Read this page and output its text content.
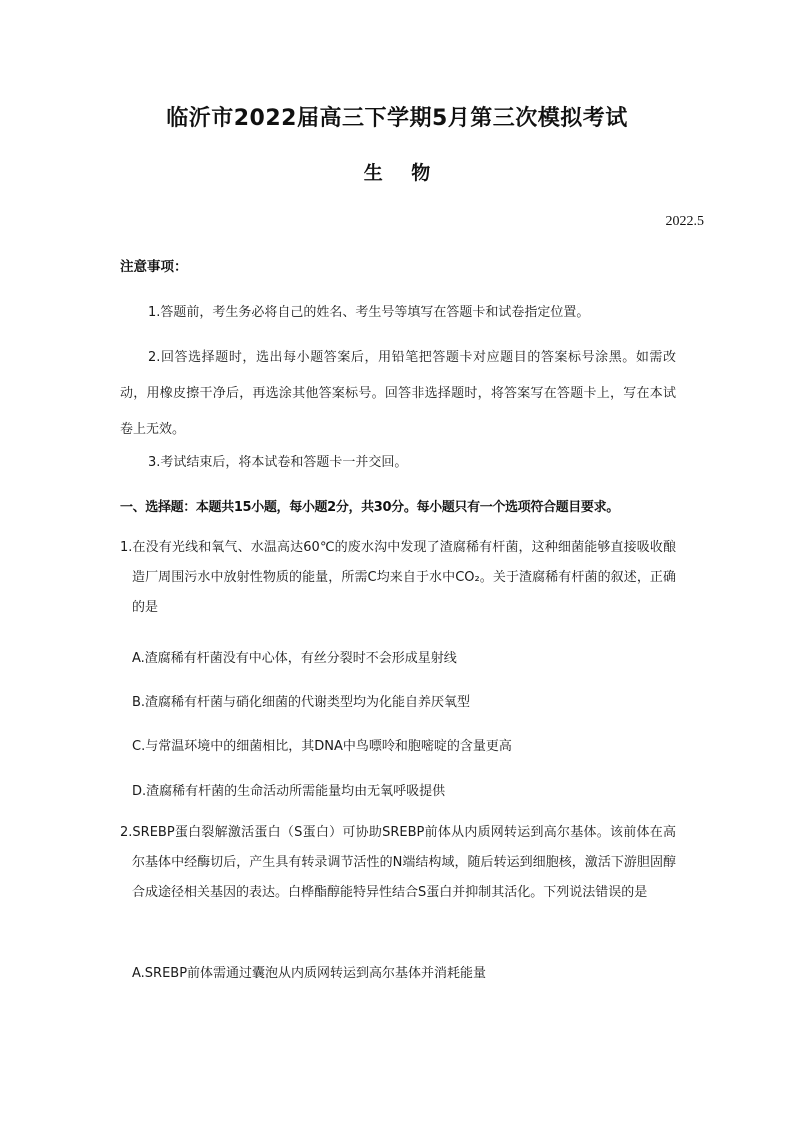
临沂市2022届高三下学期5月第三次模拟考试
生 物
2022.5
注意事项：

1.答题前，考生务必将自己的姓名、考生号等填写在答题卡和试卷指定位置。

2.回答选择题时，选出每小题答案后，用铅笔把答题卡对应题目的答案标号涂黑。如需改动，用橡皮擦干净后，再选涂其他答案标号。回答非选择题时，将答案写在答题卡上，写在本试卷上无效。

3.考试结束后，将本试卷和答题卡一并交回。

一、选择题：本题共15小题，每小题2分，共30分。每小题只有一个选项符合题目要求。

1.在没有光线和氧气、水温高达60℃的废水沟中发现了渣腐稀有杆菌，这种细菌能够直接吸收酿造厂周围污水中放射性物质的能量，所需C均来自于水中CO₂。关于渣腐稀有杆菌的叙述，正确的是

A.渣腐稀有杆菌没有中心体，有丝分裂时不会形成星射线

B.渣腐稀有杆菌与硝化细菌的代谢类型均为化能自养厌氧型

C.与常温环境中的细菌相比，其DNA中鸟嘌呤和胞嘧啶的含量更高

D.渣腐稀有杆菌的生命活动所需能量均由无氧呼吸提供

2.SREBP蛋白裂解激活蛋白（S蛋白）可协助SREBP前体从内质网转运到高尔基体。该前体在高尔基体中经酶切后，产生具有转录调节活性的N端结构域，随后转运到细胞核，激活下游胆固醇合成途径相关基因的表达。白桦酯醇能特异性结合S蛋白并抑制其活化。下列说法错误的是

A.SREBP前体需通过囊泡从内质网转运到高尔基体并消耗能量
